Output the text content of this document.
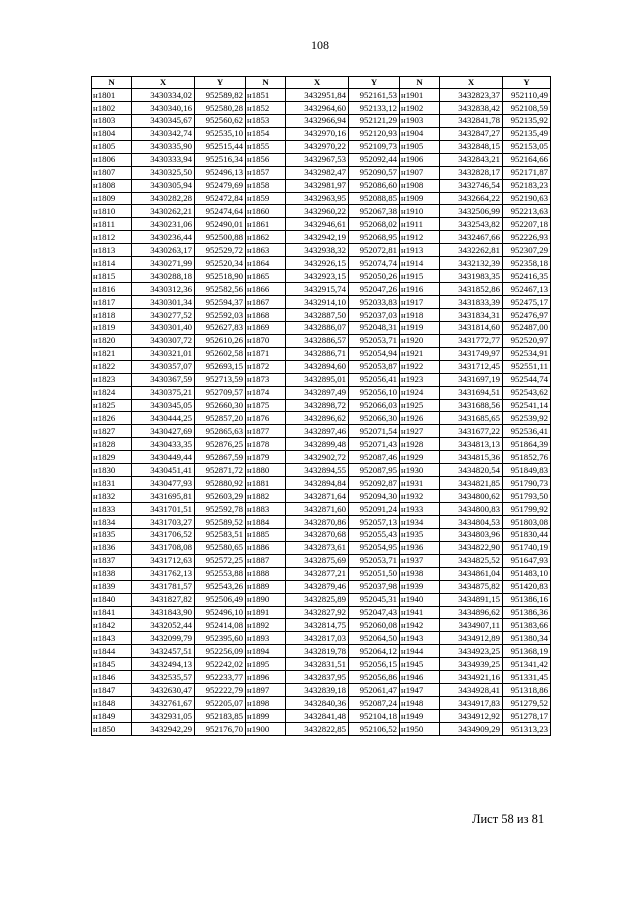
108
N	X	Y	N	X	Y	N	X	Y
н1801	3430334,02	952589,82	н1851	3432951,84	952161,53	н1901	3432823,37	952110,49
н1802	3430340,16	952580,28	н1852	3432964,60	952133,12	н1902	3432838,42	952108,59
н1803	3430345,67	952560,62	н1853	3432966,94	952121,29	н1903	3432841,78	952135,92
н1804	3430342,74	952535,10	н1854	3432970,16	952120,93	н1904	3432847,27	952135,49
н1805	3430335,90	952515,44	н1855	3432970,22	952109,73	н1905	3432848,15	952153,05
н1806	3430333,94	952516,34	н1856	3432967,53	952092,44	н1906	3432843,21	952164,66
н1807	3430325,50	952496,13	н1857	3432982,47	952090,57	н1907	3432828,17	952171,87
н1808	3430305,94	952479,69	н1858	3432981,97	952086,60	н1908	3432746,54	952183,23
н1809	3430282,28	952472,84	н1859	3432963,95	952088,85	н1909	3432664,22	952190,63
н1810	3430262,21	952474,64	н1860	3432960,22	952067,38	н1910	3432506,99	952213,63
н1811	3430231,06	952490,01	н1861	3432946,61	952068,02	н1911	3432543,82	952207,18
н1812	3430236,44	952500,88	н1862	3432942,19	952068,95	н1912	3432467,66	952226,93
н1813	3430263,17	952529,72	н1863	3432938,32	952072,81	н1913	3432262,81	952307,29
н1814	3430271,99	952520,34	н1864	3432926,15	952074,74	н1914	3432132,39	952358,18
н1815	3430288,18	952518,90	н1865	3432923,15	952050,26	н1915	3431983,35	952416,35
н1816	3430312,36	952582,56	н1866	3432915,74	952047,26	н1916	3431852,86	952467,13
н1817	3430301,34	952594,37	н1867	3432914,10	952033,83	н1917	3431833,39	952475,17
н1818	3430277,52	952592,03	н1868	3432887,50	952037,03	н1918	3431834,31	952476,97
н1819	3430301,40	952627,83	н1869	3432886,07	952048,31	н1919	3431814,60	952487,00
н1820	3430307,72	952610,26	н1870	3432886,57	952053,71	н1920	3431772,77	952520,97
н1821	3430321,01	952602,58	н1871	3432886,71	952054,94	н1921	3431749,97	952534,91
н1822	3430357,07	952693,15	н1872	3432894,60	952053,87	н1922	3431712,45	952551,11
н1823	3430367,59	952713,59	н1873	3432895,01	952056,41	н1923	3431697,19	952544,74
н1824	3430375,21	952709,57	н1874	3432897,49	952056,10	н1924	3431694,51	952543,62
н1825	3430345,05	952660,30	н1875	3432898,72	952066,03	н1925	3431688,56	952541,14
н1826	3430444,25	952857,20	н1876	3432896,62	952066,30	н1926	3431685,65	952539,92
н1827	3430427,69	952865,63	н1877	3432897,46	952071,54	н1927	3431677,22	952536,41
н1828	3430433,35	952876,25	н1878	3432899,48	952071,43	н1928	3434813,13	951864,39
н1829	3430449,44	952867,59	н1879	3432902,72	952087,46	н1929	3434815,36	951852,76
н1830	3430451,41	952871,72	н1880	3432894,55	952087,95	н1930	3434820,54	951849,83
н1831	3430477,93	952880,92	н1881	3432894,84	952092,87	н1931	3434821,85	951790,73
н1832	3431695,81	952603,29	н1882	3432871,64	952094,30	н1932	3434800,62	951793,50
н1833	3431701,51	952592,78	н1883	3432871,60	952091,24	н1933	3434800,83	951799,92
н1834	3431703,27	952589,52	н1884	3432870,86	952057,13	н1934	3434804,53	951803,08
н1835	3431706,52	952583,51	н1885	3432870,68	952055,43	н1935	3434803,96	951830,44
н1836	3431708,08	952580,65	н1886	3432873,61	952054,95	н1936	3434822,90	951740,19
н1837	3431712,63	952572,25	н1887	3432875,69	952053,71	н1937	3434825,52	951647,93
н1838	3431762,13	952553,88	н1888	3432877,21	952051,50	н1938	3434861,04	951483,10
н1839	3431781,57	952543,26	н1889	3432879,46	952037,98	н1939	3434875,82	951420,83
н1840	3431827,82	952506,49	н1890	3432825,89	952045,31	н1940	3434891,15	951386,16
н1841	3431843,90	952496,10	н1891	3432827,92	952047,43	н1941	3434896,62	951386,36
н1842	3432052,44	952414,08	н1892	3432814,75	952060,08	н1942	3434907,11	951383,66
н1843	3432099,79	952395,60	н1893	3432817,03	952064,50	н1943	3434912,89	951380,34
н1844	3432457,51	952256,09	н1894	3432819,78	952064,12	н1944	3434923,25	951368,19
н1845	3432494,13	952242,02	н1895	3432831,51	952056,15	н1945	3434939,25	951341,42
н1846	3432535,57	952233,77	н1896	3432837,95	952056,86	н1946	3434921,16	951331,45
н1847	3432630,47	952222,79	н1897	3432839,18	952061,47	н1947	3434928,41	951318,86
н1848	3432761,67	952205,07	н1898	3432840,36	952087,24	н1948	3434917,83	951279,52
н1849	3432931,05	952183,85	н1899	3432841,48	952104,18	н1949	3434912,92	951278,17
н1850	3432942,29	952176,70	н1900	3432822,85	952106,52	н1950	3434909,29	951313,23
Лист 58 из 81
